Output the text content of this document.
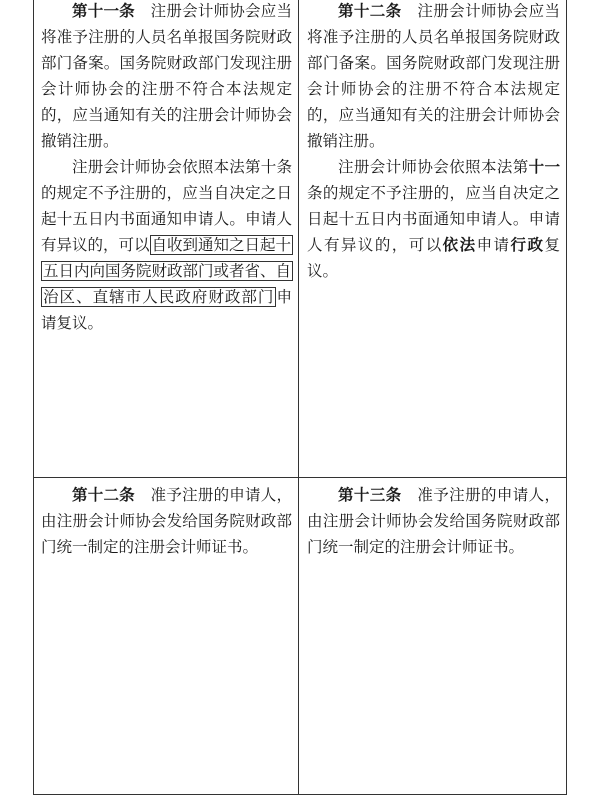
第十一条　 注册会计师协会应当将准予注册的人员名单报国务院财政部门备案。国务院财政部门发现注册会计师协会的注册不符合本法规定的，应当通知有关的注册会计师协会撤销注册。

注册会计师协会依照本法第十条的规定不予注册的，应当自决定之日起十五日内书面通知申请人。申请人有异议的，可以 自收到通知之日起十五日内向国务院财政部门或者省、自治区、直辖市人民政府财政部门 申请复议。

第十二条　 注册会计师协会应当将准予注册的人员名单报国务院财政部门备案。国务院财政部门发现注册会计师协会的注册不符合本法规定的，应当通知有关的注册会计师协会撤销注册。

注册会计师协会依照本法第十一条的规定不予注册的，应当自决定之日起十五日内书面通知申请人。申请人有异议的，可以依法申请行政复议。

第十二条　 准予注册的申请人，由注册会计师协会发给国务院财政部门统一制定的注册会计师证书。

第十三条　 准予注册的申请人，由注册会计师协会发给国务院财政部门统一制定的注册会计师证书。
